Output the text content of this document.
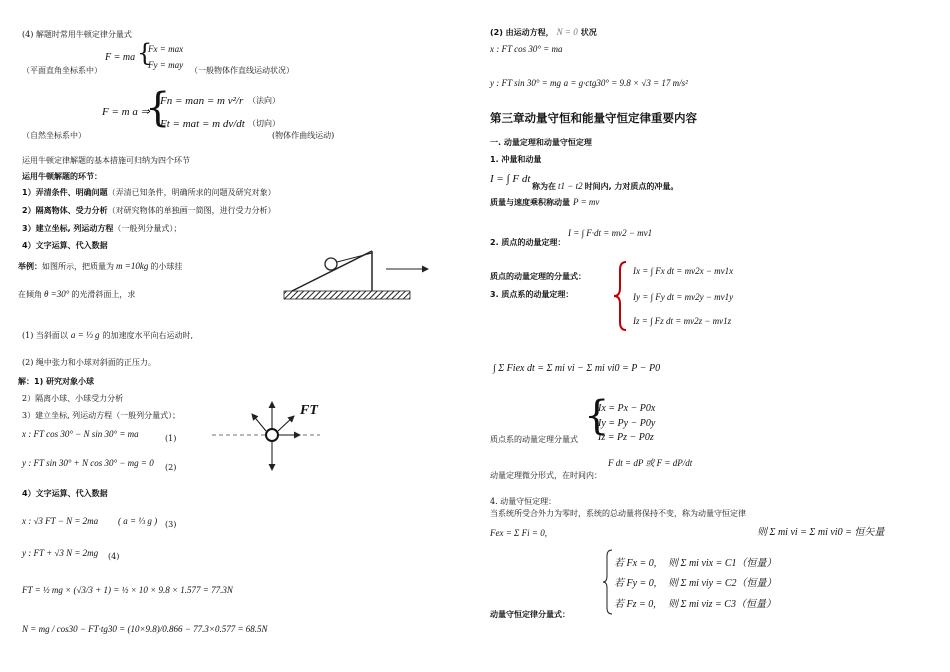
(4) 解题时常用牛顿定律分量式
F = ma {
Fx = max
Fy = may
（平面直角坐标系中）	（一般物体作直线运动状况）
F = m a ⇒
{
Fn = man = m v²/r （法向）
Ft = mat = m dv/dt （切向）
（自然坐标系中）	(物体作曲线运动)
运用牛顿定律解题的基本措施可归纳为四个环节
运用牛顿解题的环节：
1）弄清条件、明确问题（弄清已知条件，明确所求的问题及研究对象）
2）隔离物体、受力分析（对研究物体的单独画一简图，进行受力分析）
3）建立坐标, 列运动方程（一般列分量式）；
4）文字运算、代入数据
举例：如图所示，把质量为 m =10kg 的小球挂
在倾角 θ =30° 的光滑斜面上，求
(1) 当斜面以 a = ⅓ g 的加速度水平向右运动时,
(2) 绳中张力和小球对斜面的正压力。
解：1) 研究对象小球
2）隔离小球、小球受力分析
3）建立坐标, 列运动方程（一般列分量式）；
x : FT cos 30° − N sin 30° = ma	(1)
y : FT sin 30° + N cos 30° − mg = 0 (2)
4）文字运算、代入数据
x : √3 FT − N = 2ma ( a = ⅓ g ) (3)
y : FT + √3 N = 2mg (4)
FT = ½ mg × (√3/3 + 1) = ½ × 10 × 9.8 × 1.577 = 77.3N
N = mg / cos30 − FT·tg30 = (10×9.8)/0.866 − 77.3×0.577 = 68.5N
FT
(2) 由运动方程， N = 0 状况
x : FT cos 30° = ma
y : FT sin 30° = mg a = g·ctg30° = 9.8 × √3 = 17 m/s²
第三章动量守恒和能量守恒定律重要内容
一. 动量定理和动量守恒定理
1. 冲量和动量
I = ∫ F dt
称为在 t1 − t2 时间内, 力对质点的冲量。
质量与速度乘积称动量 P = mv
I = ∫ F·dt = mv2 − mv1
2. 质点的动量定理：
质点的动量定理的分量式：
3. 质点系的动量定理：
Ix = ∫ Fx dt = mv2x − mv1x
Iy = ∫ Fy dt = mv2y − mv1y
Iz = ∫ Fz dt = mv2z − mv1z
∫ Σ Fiex dt = Σ mi vi − Σ mi vi0 = P − P0
{
Ix = Px − P0x
Iy = Py − P0y
Iz = Pz − P0z
质点系的动量定理分量式
F dt = dP 或 F = dP/dt
动量定理微分形式，在时间内：
4. 动量守恒定理：
当系统所受合外力为零时，系统的总动量将保持不变，称为动量守恒定律
Fex = Σ Fi = 0,	则 Σ mi vi = Σ mi vi0 = 恒矢量
若 Fx = 0, 则 Σ mi vix = C1（恒量）
若 Fy = 0, 则 Σ mi viy = C2（恒量）
若 Fz = 0, 则 Σ mi viz = C3（恒量）
动量守恒定律分量式：
